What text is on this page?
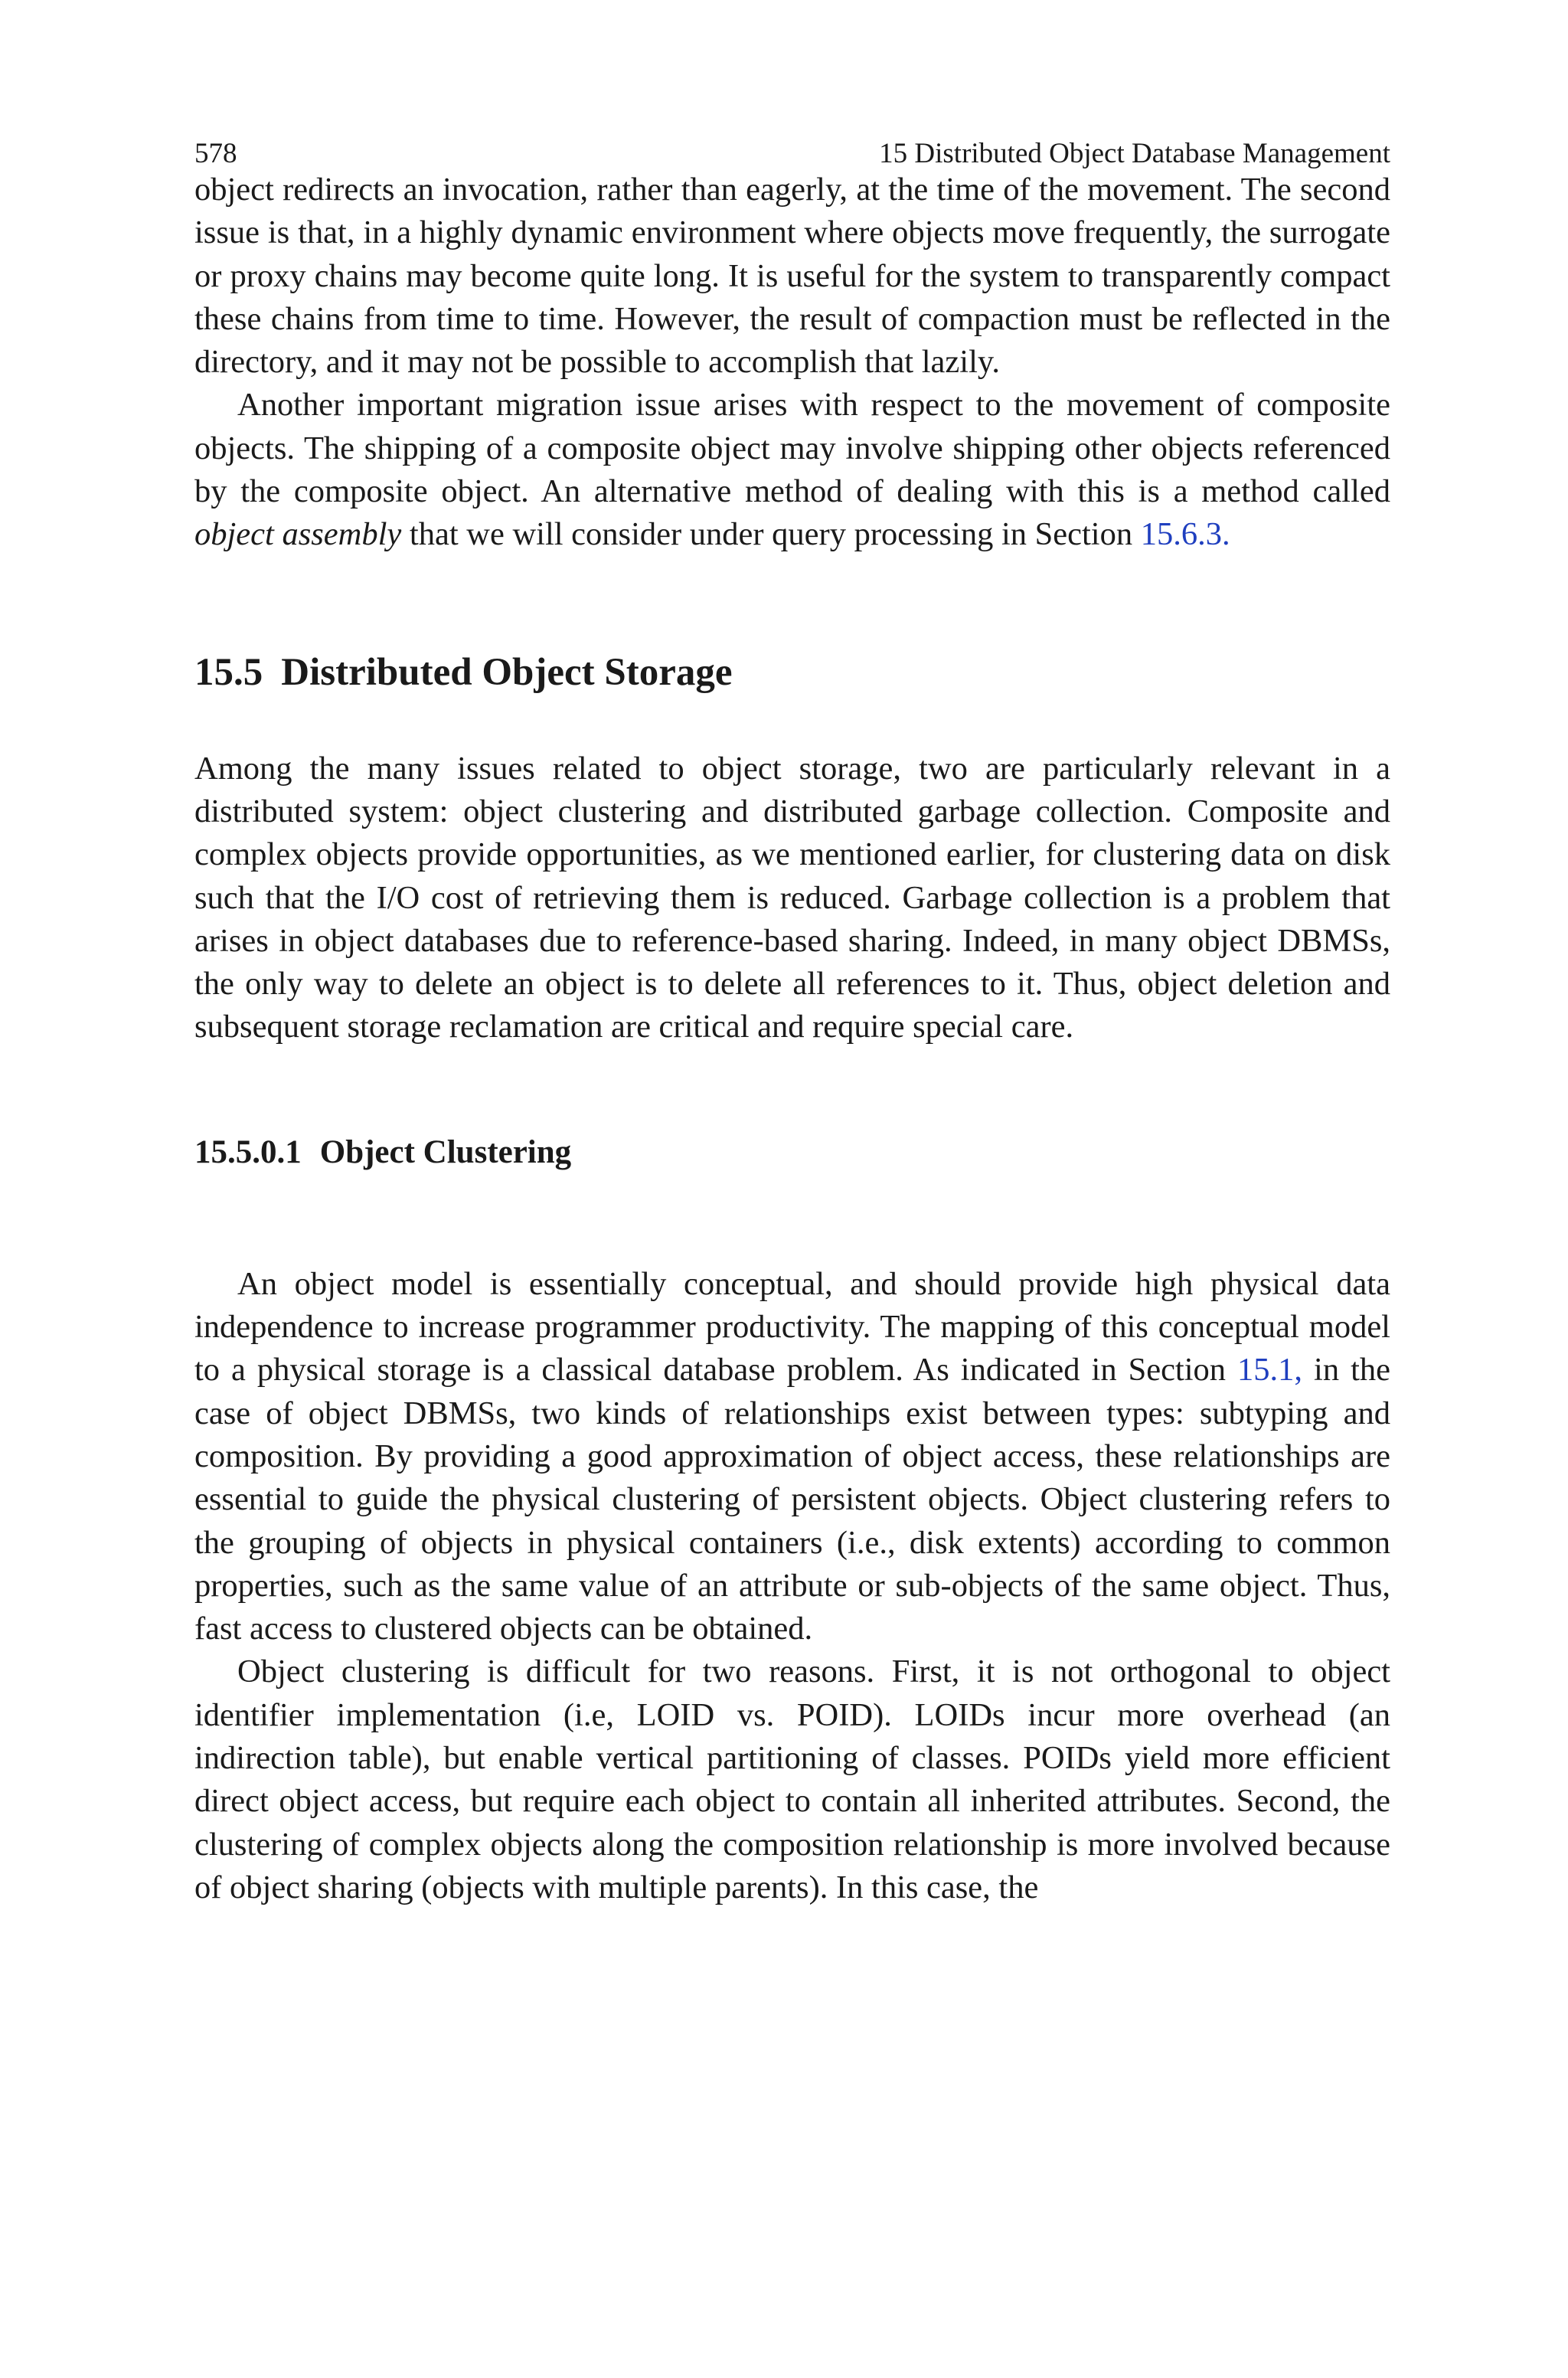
578	15 Distributed Object Database Management

object redirects an invocation, rather than eagerly, at the time of the movement. The second issue is that, in a highly dynamic environment where objects move frequently, the surrogate or proxy chains may become quite long. It is useful for the system to transparently compact these chains from time to time. However, the result of compaction must be reflected in the directory, and it may not be possible to accomplish that lazily.

Another important migration issue arises with respect to the movement of composite objects. The shipping of a composite object may involve shipping other objects referenced by the composite object. An alternative method of dealing with this is a method called object assembly that we will consider under query processing in Section 15.6.3.

15.5 Distributed Object Storage

Among the many issues related to object storage, two are particularly relevant in a distributed system: object clustering and distributed garbage collection. Composite and complex objects provide opportunities, as we mentioned earlier, for clustering data on disk such that the I/O cost of retrieving them is reduced. Garbage collection is a problem that arises in object databases due to reference-based sharing. Indeed, in many object DBMSs, the only way to delete an object is to delete all references to it. Thus, object deletion and subsequent storage reclamation are critical and require special care.

15.5.0.1 Object Clustering

An object model is essentially conceptual, and should provide high physical data independence to increase programmer productivity. The mapping of this conceptual model to a physical storage is a classical database problem. As indicated in Section 15.1, in the case of object DBMSs, two kinds of relationships exist between types: subtyping and composition. By providing a good approximation of object access, these relationships are essential to guide the physical clustering of persistent objects. Object clustering refers to the grouping of objects in physical containers (i.e., disk extents) according to common properties, such as the same value of an attribute or sub-objects of the same object. Thus, fast access to clustered objects can be obtained.

Object clustering is difficult for two reasons. First, it is not orthogonal to object identifier implementation (i.e, LOID vs. POID). LOIDs incur more overhead (an indirection table), but enable vertical partitioning of classes. POIDs yield more efficient direct object access, but require each object to contain all inherited attributes. Second, the clustering of complex objects along the composition relationship is more involved because of object sharing (objects with multiple parents). In this case, the
